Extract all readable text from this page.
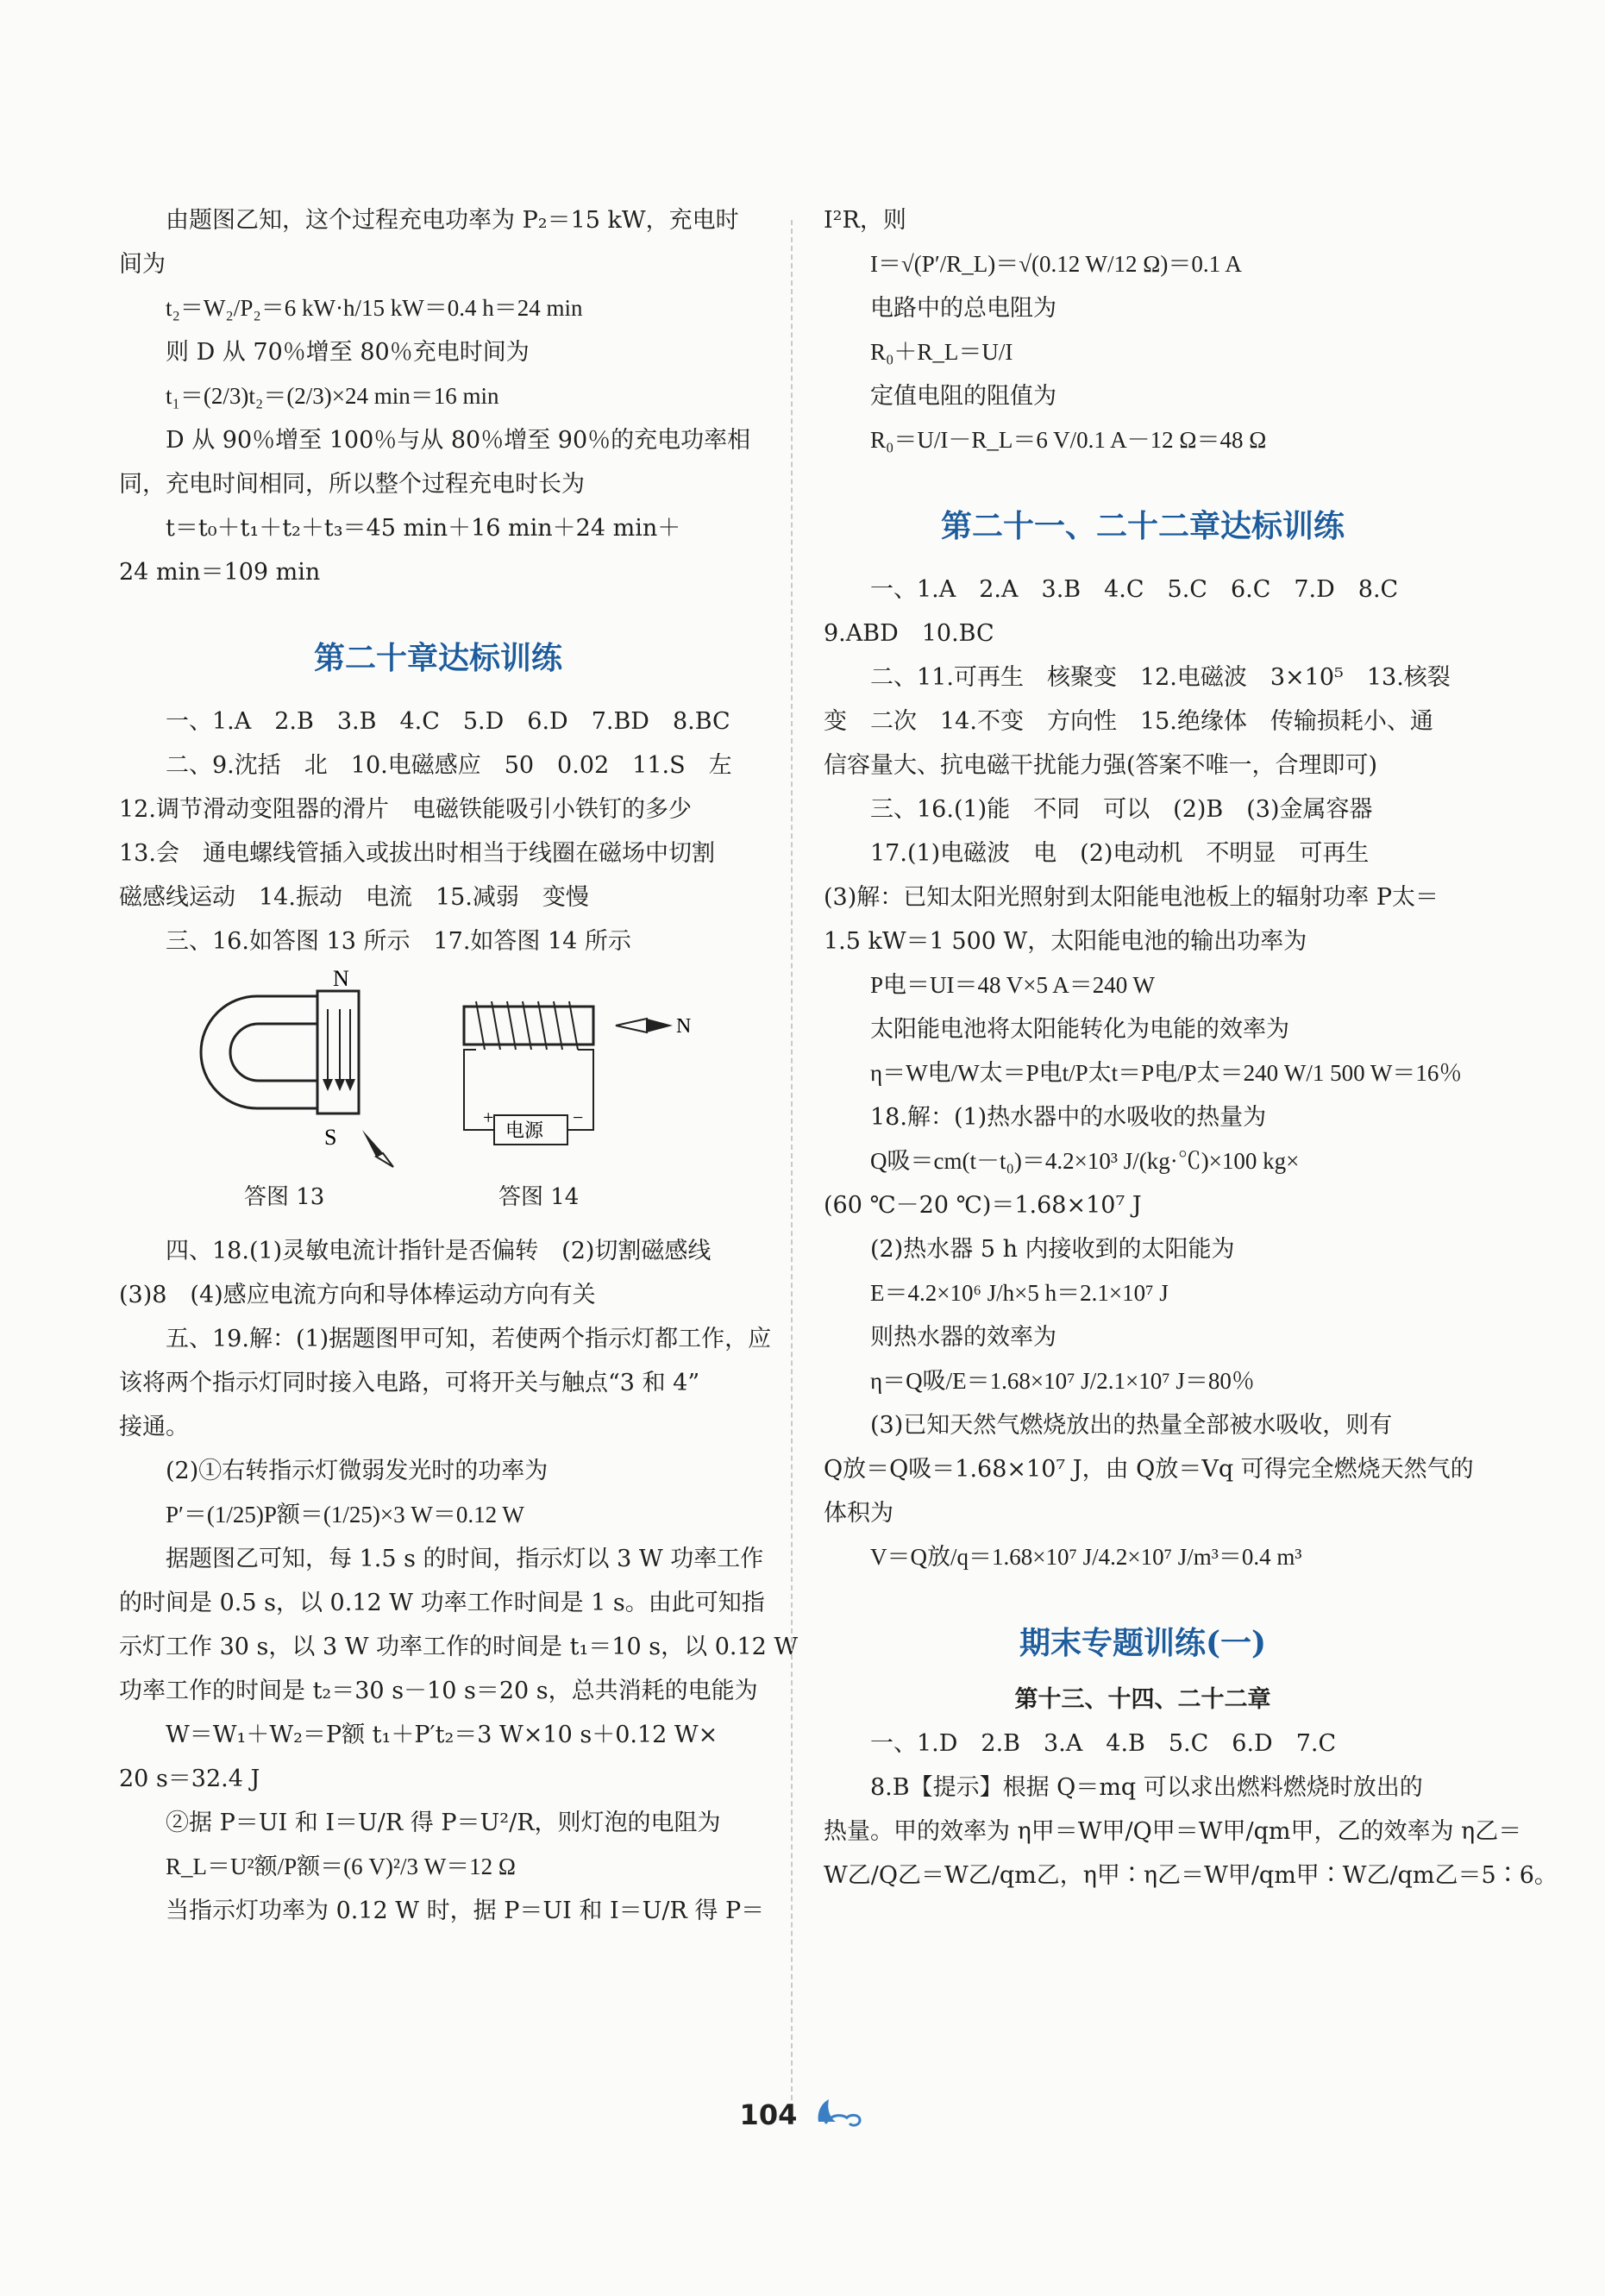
由题图乙知，这个过程充电功率为 P₂＝15 kW，充电时

间为

t₂＝W₂/P₂＝6 kW·h/15 kW＝0.4 h＝24 min

则 D 从 70％增至 80％充电时间为

t₁＝(2/3)t₂＝(2/3)×24 min＝16 min

D 从 90％增至 100％与从 80％增至 90％的充电功率相

同，充电时间相同，所以整个过程充电时长为

t＝t₀＋t₁＋t₂＋t₃＝45 min＋16 min＋24 min＋

24 min＝109 min

第二十章达标训练

一、1.A　2.B　3.B　4.C　5.D　6.D　7.BD　8.BC

二、9.沈括　北　10.电磁感应　50　0.02　11.S　左

12.调节滑动变阻器的滑片　电磁铁能吸引小铁钉的多少

13.会　通电螺线管插入或拔出时相当于线圈在磁场中切割

磁感线运动　14.振动　电流　15.减弱　变慢

三、16.如答图 13 所示　17.如答图 14 所示

N
S
答图 13
电源
+	−
N
答图 14

四、18.(1)灵敏电流计指针是否偏转　(2)切割磁感线

(3)8　(4)感应电流方向和导体棒运动方向有关

五、19.解：(1)据题图甲可知，若使两个指示灯都工作，应

该将两个指示灯同时接入电路，可将开关与触点“3 和 4”

接通。

(2)①右转指示灯微弱发光时的功率为

P′＝(1/25)P额＝(1/25)×3 W＝0.12 W

据题图乙可知，每 1.5 s 的时间，指示灯以 3 W 功率工作

的时间是 0.5 s，以 0.12 W 功率工作时间是 1 s。由此可知指

示灯工作 30 s，以 3 W 功率工作的时间是 t₁＝10 s，以 0.12 W

功率工作的时间是 t₂＝30 s－10 s＝20 s，总共消耗的电能为

W＝W₁＋W₂＝P额 t₁＋P′t₂＝3 W×10 s＋0.12 W×

20 s＝32.4 J

②据 P＝UI 和 I＝U/R 得 P＝U²/R，则灯泡的电阻为

R_L＝U²额/P额＝(6 V)²/3 W＝12 Ω

当指示灯功率为 0.12 W 时，据 P＝UI 和 I＝U/R 得 P＝

I²R，则

I＝√(P′/R_L)＝√(0.12 W/12 Ω)＝0.1 A

电路中的总电阻为

R₀＋R_L＝U/I

定值电阻的阻值为

R₀＝U/I－R_L＝6 V/0.1 A－12 Ω＝48 Ω

第二十一、二十二章达标训练

一、1.A　2.A　3.B　4.C　5.C　6.C　7.D　8.C

9.ABD　10.BC

二、11.可再生　核聚变　12.电磁波　3×10⁵　13.核裂

变　二次　14.不变　方向性　15.绝缘体　传输损耗小、通

信容量大、抗电磁干扰能力强(答案不唯一，合理即可)

三、16.(1)能　不同　可以　(2)B　(3)金属容器

17.(1)电磁波　电　(2)电动机　不明显　可再生

(3)解：已知太阳光照射到太阳能电池板上的辐射功率 P太＝

1.5 kW＝1 500 W，太阳能电池的输出功率为

P电＝UI＝48 V×5 A＝240 W

太阳能电池将太阳能转化为电能的效率为

η＝W电/W太＝P电t/P太t＝P电/P太＝240 W/1 500 W＝16％

18.解：(1)热水器中的水吸收的热量为

Q吸＝cm(t－t₀)＝4.2×10³ J/(kg·℃)×100 kg×

(60 ℃－20 ℃)＝1.68×10⁷ J

(2)热水器 5 h 内接收到的太阳能为

E＝4.2×10⁶ J/h×5 h＝2.1×10⁷ J

则热水器的效率为

η＝Q吸/E＝1.68×10⁷ J/2.1×10⁷ J＝80％

(3)已知天然气燃烧放出的热量全部被水吸收，则有

Q放＝Q吸＝1.68×10⁷ J，由 Q放＝Vq 可得完全燃烧天然气的

体积为

V＝Q放/q＝1.68×10⁷ J/4.2×10⁷ J/m³＝0.4 m³

期末专题训练(一)
第十三、十四、二十二章

一、1.D　2.B　3.A　4.B　5.C　6.D　7.C

8.B【提示】根据 Q＝mq 可以求出燃料燃烧时放出的

热量。甲的效率为 η甲＝W甲/Q甲＝W甲/qm甲，乙的效率为 η乙＝

W乙/Q乙＝W乙/qm乙，η甲∶η乙＝W甲/qm甲∶W乙/qm乙＝5∶6。

104
